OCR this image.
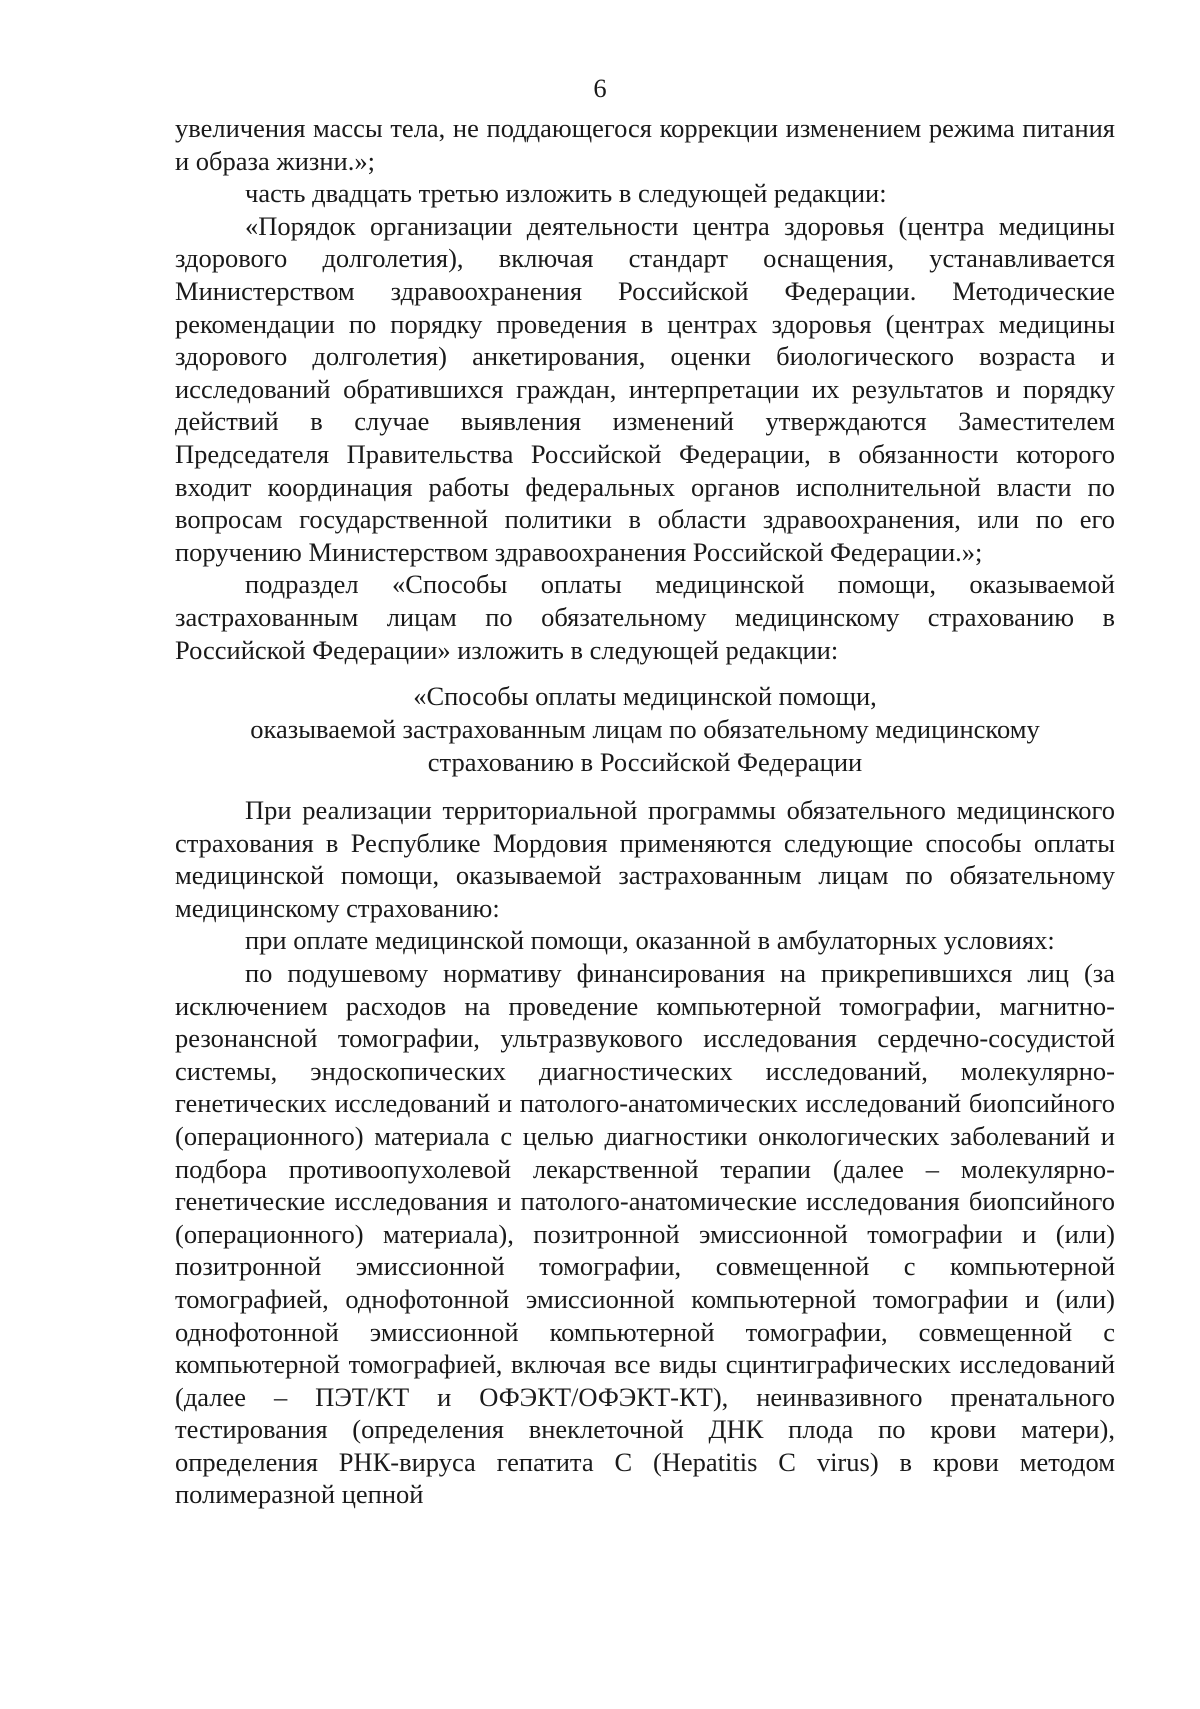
6

увеличения массы тела, не поддающегося коррекции изменением режима питания и образа жизни.»;

часть двадцать третью изложить в следующей редакции:

«Порядок организации деятельности центра здоровья (центра медицины здорового долголетия), включая стандарт оснащения, устанавливается Министерством здравоохранения Российской Федерации. Методические рекомендации по порядку проведения в центрах здоровья (центрах медицины здорового долголетия) анкетирования, оценки биологического возраста и исследований обратившихся граждан, интерпретации их результатов и порядку действий в случае выявления изменений утверждаются Заместителем Председателя Правительства Российской Федерации, в обязанности которого входит координация работы федеральных органов исполнительной власти по вопросам государственной политики в области здравоохранения, или по его поручению Министерством здравоохранения Российской Федерации.»;

подраздел «Способы оплаты медицинской помощи, оказываемой застрахованным лицам по обязательному медицинскому страхованию в Российской Федерации» изложить в следующей редакции:

«Способы оплаты медицинской помощи,
оказываемой застрахованным лицам по обязательному медицинскому
страхованию в Российской Федерации

При реализации территориальной программы обязательного медицинского страхования в Республике Мордовия применяются следующие способы оплаты медицинской помощи, оказываемой застрахованным лицам по обязательному медицинскому страхованию:

при оплате медицинской помощи, оказанной в амбулаторных условиях:

по подушевому нормативу финансирования на прикрепившихся лиц (за исключением расходов на проведение компьютерной томографии, магнитно-резонансной томографии, ультразвукового исследования сердечно-сосудистой системы, эндоскопических диагностических исследований, молекулярно-генетических исследований и патолого-анатомических исследований биопсийного (операционного) материала с целью диагностики онкологических заболеваний и подбора противоопухолевой лекарственной терапии (далее – молекулярно-генетические исследования и патолого-анатомические исследования биопсийного (операционного) материала), позитронной эмиссионной томографии и (или) позитронной эмиссионной томографии, совмещенной с компьютерной томографией, однофотонной эмиссионной компьютерной томографии и (или) однофотонной эмиссионной компьютерной томографии, совмещенной с компьютерной томографией, включая все виды сцинтиграфических исследований (далее – ПЭТ/КТ и ОФЭКТ/ОФЭКТ-КТ), неинвазивного пренатального тестирования (определения внеклеточной ДНК плода по крови матери), определения РНК-вируса гепатита C (Hepatitis C virus) в крови методом полимеразной цепной
